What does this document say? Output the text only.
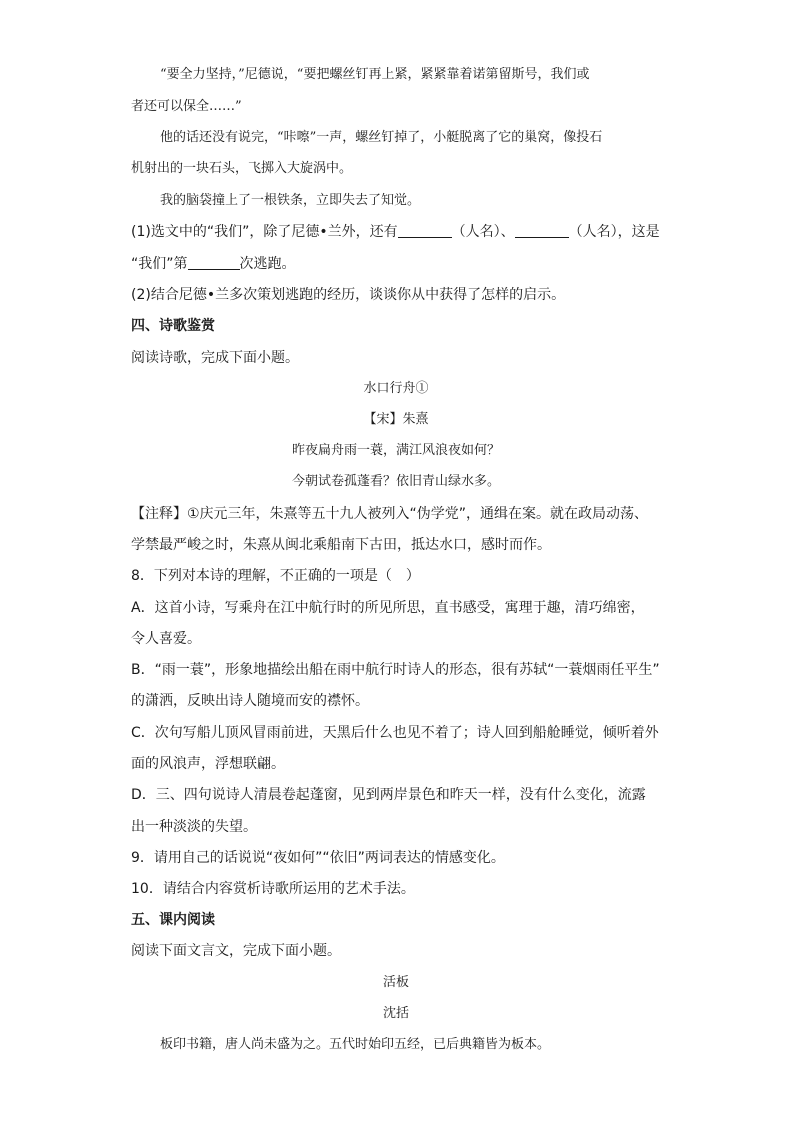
“要全力坚持，”尼德说，“要把螺丝钉再上紧，紧紧靠着诺第留斯号，我们或
者还可以保全……”
他的话还没有说完，“咔嚓”一声，螺丝钉掉了，小艇脱离了它的巢窝，像投石
机射出的一块石头，飞掷入大旋涡中。
我的脑袋撞上了一根铁条，立即失去了知觉。
(1)选文中的“我们”，除了尼德•兰外，还有	（人名）、	（人名），这是
“我们”第	次逃跑。
(2)结合尼德•兰多次策划逃跑的经历，谈谈你从中获得了怎样的启示。
四、诗歌鉴赏
阅读诗歌，完成下面小题。
水口行舟①
【宋】朱熹
昨夜扁舟雨一蓑，满江风浪夜如何？
今朝试卷孤蓬看？依旧青山绿水多。
【注释】①庆元三年，朱熹等五十九人被列入“伪学党”，通缉在案。就在政局动荡、
学禁最严峻之时，朱熹从闽北乘船南下古田，抵达水口，感时而作。
8．下列对本诗的理解，不正确的一项是（　）
A．这首小诗，写乘舟在江中航行时的所见所思，直书感受，寓理于趣，清巧绵密，
令人喜爱。
B．“雨一蓑”，形象地描绘出船在雨中航行时诗人的形态，很有苏轼“一蓑烟雨任平生”
的潇洒，反映出诗人随境而安的襟怀。
C．次句写船儿顶风冒雨前进，天黑后什么也见不着了；诗人回到船舱睡觉，倾听着外
面的风浪声，浮想联翩。
D．三、四句说诗人清晨卷起蓬窗，见到两岸景色和昨天一样，没有什么变化，流露
出一种淡淡的失望。
9．请用自己的话说说“夜如何”“依旧”两词表达的情感变化。
10．请结合内容赏析诗歌所运用的艺术手法。
五、课内阅读
阅读下面文言文，完成下面小题。
活板
沈括
板印书籍，唐人尚未盛为之。五代时始印五经，已后典籍皆为板本。
